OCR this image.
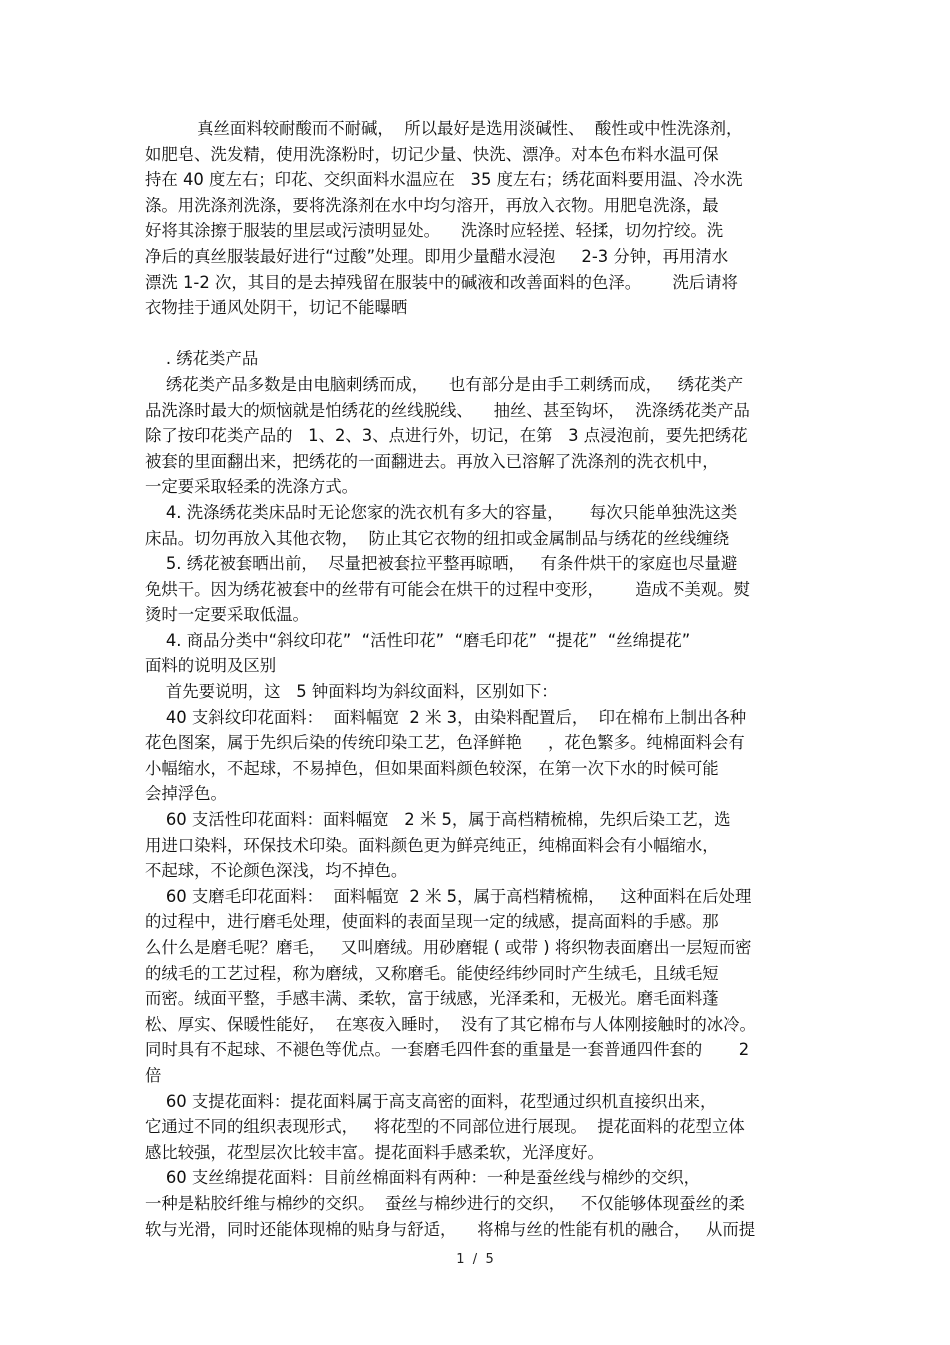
真丝面料较耐酸而不耐碱，  所以最好是选用淡碱性、  酸性或中性洗涤剂，
如肥皂、洗发精，使用洗涤粉时，切记少量、快洗、漂净。对本色布料水温可保
持在 40 度左右；印花、交织面料水温应在   35 度左右；绣花面料要用温、冷水洗
涤。用洗涤剂洗涤，要将洗涤剂在水中均匀溶开，再放入衣物。用肥皂洗涤，最
好将其涂擦于服装的里层或污渍明显处。    洗涤时应轻搓、轻揉，切勿拧绞。洗
净后的真丝服装最好进行“过酸”处理。即用少量醋水浸泡     2-3 分钟，再用清水
漂洗 1-2 次，其目的是去掉残留在服装中的碱液和改善面料的色泽。      洗后请将
衣物挂于通风处阴干，切记不能曝晒
. 绣花类产品
绣花类产品多数是由电脑刺绣而成，    也有部分是由手工刺绣而成，   绣花类产
品洗涤时最大的烦恼就是怕绣花的丝线脱线、    抽丝、甚至钩坏，  洗涤绣花类产品
除了按印花类产品的   1、2、3、点进行外，切记，在第   3 点浸泡前，要先把绣花
被套的里面翻出来，把绣花的一面翻进去。再放入已溶解了洗涤剂的洗衣机中，
一定要采取轻柔的洗涤方式。
4. 洗涤绣花类床品时无论您家的洗衣机有多大的容量，     每次只能单独洗这类
床品。切勿再放入其他衣物，  防止其它衣物的纽扣或金属制品与绣花的丝线缠绕
5. 绣花被套晒出前，  尽量把被套拉平整再晾晒，   有条件烘干的家庭也尽量避
免烘干。因为绣花被套中的丝带有可能会在烘干的过程中变形，      造成不美观。熨
烫时一定要采取低温。
4. 商品分类中“斜纹印花”  “活性印花”  “磨毛印花”  “提花”  “丝绵提花”
面料的说明及区别
首先要说明，这   5 钟面料均为斜纹面料，区别如下：
40 支斜纹印花面料：  面料幅宽  2 米 3，由染料配置后，  印在棉布上制出各种
花色图案，属于先织后染的传统印染工艺，色泽鲜艳     ，花色繁多。纯棉面料会有
小幅缩水，不起球，不易掉色，但如果面料颜色较深，在第一次下水的时候可能
会掉浮色。
60 支活性印花面料：面料幅宽   2 米 5，属于高档精梳棉，先织后染工艺，选
用进口染料，环保技术印染。面料颜色更为鲜亮纯正，纯棉面料会有小幅缩水，
不起球，不论颜色深浅，均不掉色。
60 支磨毛印花面料：  面料幅宽  2 米 5，属于高档精梳棉，   这种面料在后处理
的过程中，进行磨毛处理，使面料的表面呈现一定的绒感，提高面料的手感。那
么什么是磨毛呢？磨毛，   又叫磨绒。用砂磨辊 ( 或带 ) 将织物表面磨出一层短而密
的绒毛的工艺过程，称为磨绒，又称磨毛。能使经纬纱同时产生绒毛，且绒毛短
而密。绒面平整，手感丰满、柔软，富于绒感，光泽柔和，无极光。磨毛面料蓬
松、厚实、保暖性能好，  在寒夜入睡时，  没有了其它棉布与人体刚接触时的冰冷。
同时具有不起球、不褪色等优点。一套磨毛四件套的重量是一套普通四件套的       2
倍
60 支提花面料：提花面料属于高支高密的面料，花型通过织机直接织出来，
它通过不同的组织表现形式，   将花型的不同部位进行展现。  提花面料的花型立体
感比较强，花型层次比较丰富。提花面料手感柔软，光泽度好。
60 支丝绵提花面料：目前丝棉面料有两种：一种是蚕丝线与棉纱的交织，
一种是粘胶纤维与棉纱的交织。  蚕丝与棉纱进行的交织，   不仅能够体现蚕丝的柔
软与光滑，同时还能体现棉的贴身与舒适，    将棉与丝的性能有机的融合，   从而提
1  /  5
